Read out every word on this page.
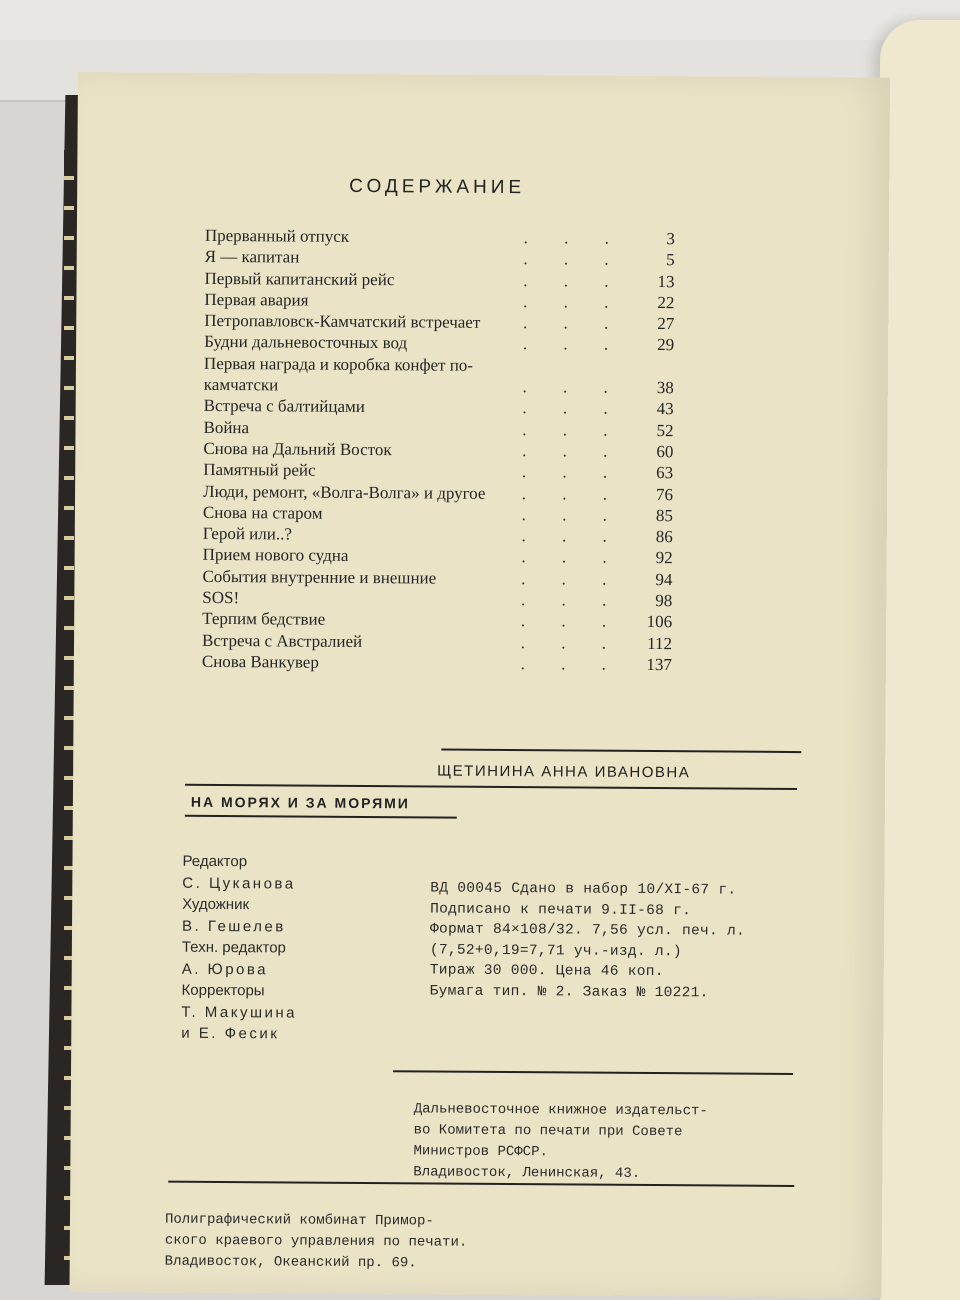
СОДЕРЖАНИЕ
Прерванный отпуск	. . .	3
Я — капитан	. . .	5
Первый капитанский рейс	. . .	13
Первая авария	. . .	22
Петропавловск-Камчатский встречает	. . .	27
Будни дальневосточных вод	. . .	29
Первая награда и коробка конфет по-
камчатски	. . .	38
Встреча с балтийцами	. . .	43
Война	. . .	52
Снова на Дальний Восток	. . .	60
Памятный рейс	. . .	63
Люди, ремонт, «Волга-Волга» и другое . . .	76
Снова на старом	. . .	85
Герой или..?	. . .	86
Прием нового судна	. . .	92
События внутренние и внешние	. . .	94
SOS!	. . .	98
Терпим бедствие	. . .	106
Встреча с Австралией	. . .	112
Снова Ванкувер	. . .	137
ЩЕТИНИНА АННА ИВАНОВНА
НА МОРЯХ И ЗА МОРЯМИ
Редактор
С. Цуканова
Художник
В. Гешелев
Техн. редактор
А. Юрова
Корректоры
Т. Макушина
и Е. Фесик
ВД 00045 Сдано в набор 10/XI-67 г.
Подписано к печати 9.II-68 г.
Формат 84×108/32. 7,56 усл. печ. л.
(7,52+0,19=7,71 уч.-изд. л.)
Тираж 30 000. Цена 46 коп.
Бумага тип. № 2. Заказ № 10221.
Дальневосточное книжное издательст-
во Комитета по печати при Совете
Министров РСФСР.
Владивосток, Ленинская, 43.
Полиграфический комбинат Примор-
ского краевого управления по печати.
Владивосток, Океанский пр. 69.
